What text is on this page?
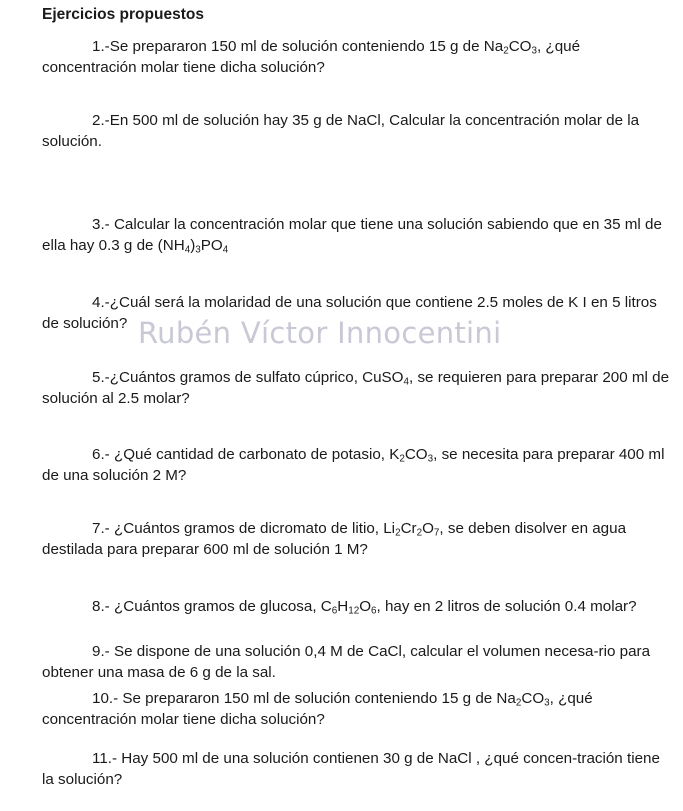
Ejercicios propuestos

1.-Se prepararon 150 ml de solución conteniendo 15 g de $Na_2CO_3$, ¿qué concentración molar tiene dicha solución?

2.-En 500 ml de solución hay 35 g de NaCl, Calcular la concentración molar de la solución.

3.- Calcular la concentración molar que tiene una solución sabiendo que en 35 ml de ella hay 0.3 g de $(NH_4)_3PO_4$

4.-¿Cuál será la molaridad de una solución que contiene 2.5 moles de K I en 5 litros de solución?

5.-¿Cuántos gramos de sulfato cúprico, CuSO$_4$, se requieren para preparar 200 ml de solución al 2.5 molar?

6.- ¿Qué cantidad de carbonato de potasio, $K_2CO_3$, se necesita para preparar 400 ml de una solución 2 M?

7.- ¿Cuántos gramos de dicromato de litio, $Li_2Cr_2O_7$, se deben disolver en agua destilada para preparar 600 ml de solución 1 M?

8.- ¿Cuántos gramos de glucosa, $C_6H_{12}O_6$, hay en 2 litros de solución 0.4 molar?

9.- Se dispone de una solución 0,4 M de CaCl, calcular el volumen necesa-rio para obtener una masa de 6 g de la sal.

10.- Se prepararon 150 ml de solución conteniendo 15 g de $Na_2CO_3$, ¿qué concentración molar tiene dicha solución?

11.- Hay 500 ml de una solución contienen 30 g de NaCl , ¿qué concen-tración tiene la solución?

Rubén Víctor Innocentini
